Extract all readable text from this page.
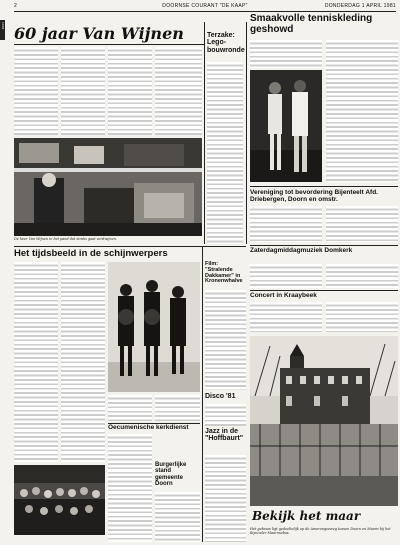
2	DOORNSE COURANT "DE KAAP"	DONDERDAG 1 APRIL 1981
1981 60 jaar Van Wijnen
De heer Van Wijnen in het pand dat straks gaat verdwijnen.
Terzake: Lego-bouwronde
Smaakvolle tenniskleding geshowd
Vereniging tot bevordering Bijenteelt Afd. Driebergen, Doorn en omstr.
Het tijdsbeeld in de schijnwerpers
Oecumenische kerkdienst
Burgerlijke stand gemeente Doorn
Film: "Stralende Dakkamer" in Kronenwhalve
Disco '81
Jazz in de "Hoffbaurt"
Zaterdagmiddagmuziek Domkerk
Concert in Kraaybeek
Bekijk het maar
Het gebouw ligt gedeeltelijk op de Amerongseweg tussen Doorn en Maarn bij het Bijzonder Maarnsebos.
